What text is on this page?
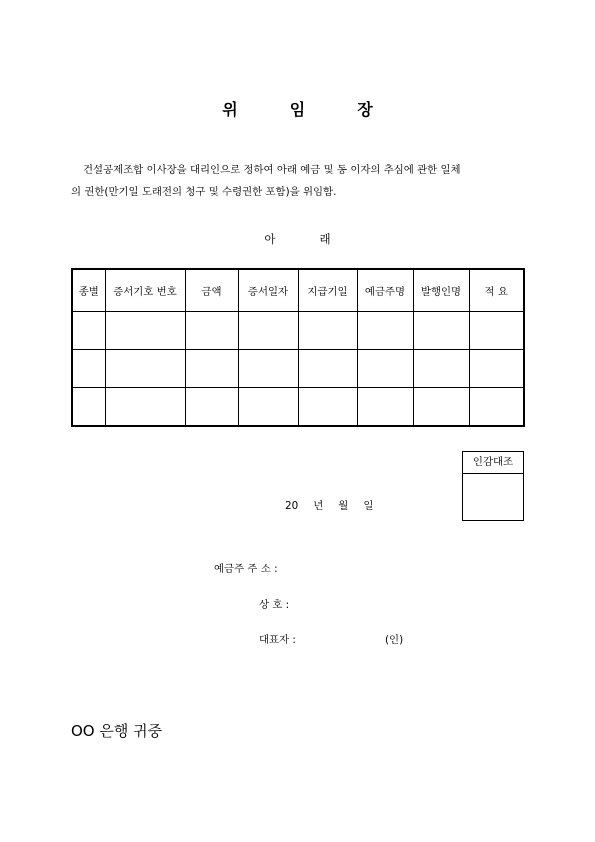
위	임	장
건설공제조합 이사장을 대리인으로 정하여 아래 예금 및 동 이자의 추심에 관한 일체
의 권한(만기일 도래전의 청구 및 수령권한 포함)을 위임함.
아	래
종별	증서기호 번호	금액	증서일자	지급기일	예금주명	발행인명	적 요

인감대조
20 년 월 일
예금주 주 소 :
상 호 :
대표자 :	(인)
OO 은행 귀중
